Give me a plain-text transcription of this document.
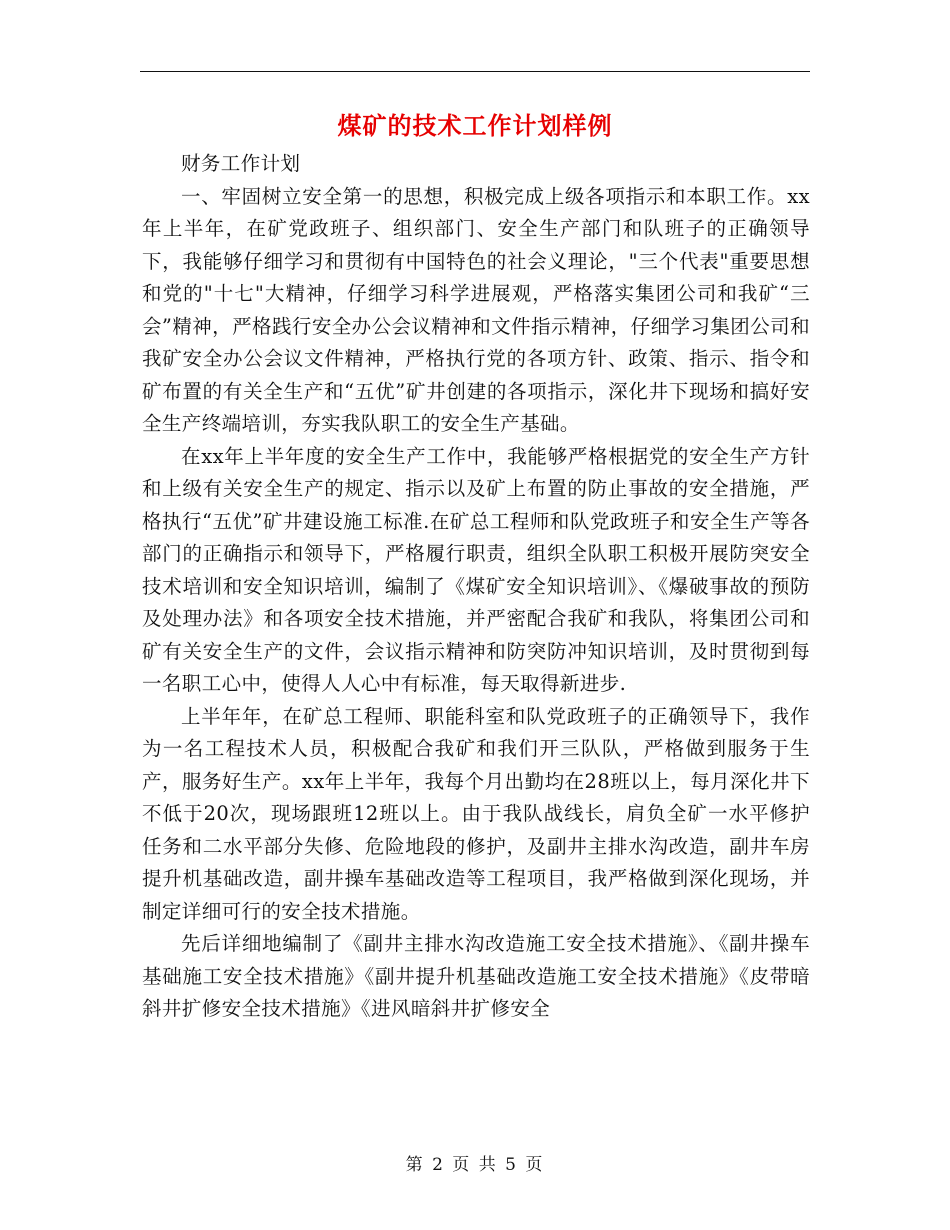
煤矿的技术工作计划样例

财务工作计划

一、牢固树立安全第一的思想，积极完成上级各项指示和本职工作。xx年上半年，在矿党政班子、组织部门、安全生产部门和队班子的正确领导下，我能够仔细学习和贯彻有中国特色的社会义理论，"三个代表"重要思想和党的"十七"大精神，仔细学习科学进展观，严格落实集团公司和我矿“三会”精神，严格践行安全办公会议精神和文件指示精神，仔细学习集团公司和我矿安全办公会议文件精神，严格执行党的各项方针、政策、指示、指令和矿布置的有关全生产和“五优”矿井创建的各项指示，深化井下现场和搞好安全生产终端培训，夯实我队职工的安全生产基础。

在xx年上半年度的安全生产工作中，我能够严格根据党的安全生产方针和上级有关安全生产的规定、指示以及矿上布置的防止事故的安全措施，严格执行“五优”矿井建设施工标准.在矿总工程师和队党政班子和安全生产等各部门的正确指示和领导下，严格履行职责，组织全队职工积极开展防突安全技术培训和安全知识培训，编制了《煤矿安全知识培训》、《爆破事故的预防及处理办法》和各项安全技术措施，并严密配合我矿和我队，将集团公司和矿有关安全生产的文件，会议指示精神和防突防冲知识培训，及时贯彻到每一名职工心中，使得人人心中有标准，每天取得新进步.

上半年年，在矿总工程师、职能科室和队党政班子的正确领导下，我作为一名工程技术人员，积极配合我矿和我们开三队队，严格做到服务于生产，服务好生产。xx年上半年，我每个月出勤均在28班以上，每月深化井下不低于20次，现场跟班12班以上。由于我队战线长，肩负全矿一水平修护任务和二水平部分失修、危险地段的修护，及副井主排水沟改造，副井车房提升机基础改造，副井操车基础改造等工程项目，我严格做到深化现场，并制定详细可行的安全技术措施。

先后详细地编制了《副井主排水沟改造施工安全技术措施》、《副井操车基础施工安全技术措施》《副井提升机基础改造施工安全技术措施》《皮带暗斜井扩修安全技术措施》《进风暗斜井扩修安全

第 2 页 共 5 页
